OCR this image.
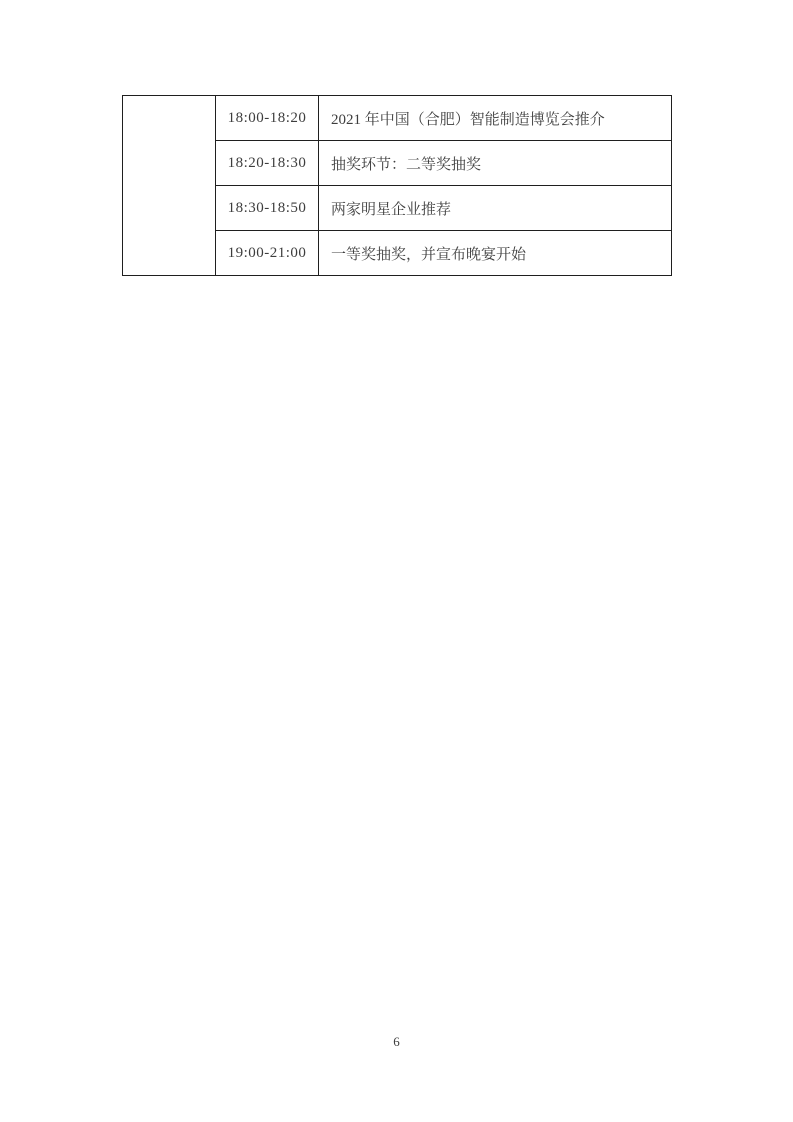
	18:00-18:20	2021 年中国（合肥）智能制造博览会推介
	18:20-18:30	抽奖环节：二等奖抽奖
	18:30-18:50	两家明星企业推荐
	19:00-21:00	一等奖抽奖，并宣布晚宴开始
6
